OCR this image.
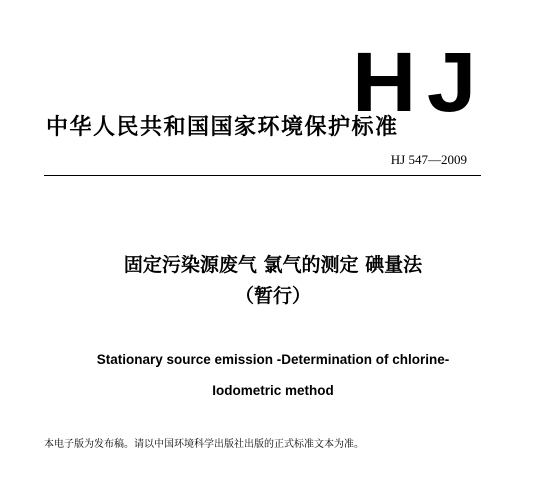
HJ
中华人民共和国国家环境保护标准
HJ 547—2009
固定污染源废气 氯气的测定 碘量法
（暂行）
Stationary source emission -Determination of chlorine-
Iodometric method
本电子版为发布稿。请以中国环境科学出版社出版的正式标准文本为准。
